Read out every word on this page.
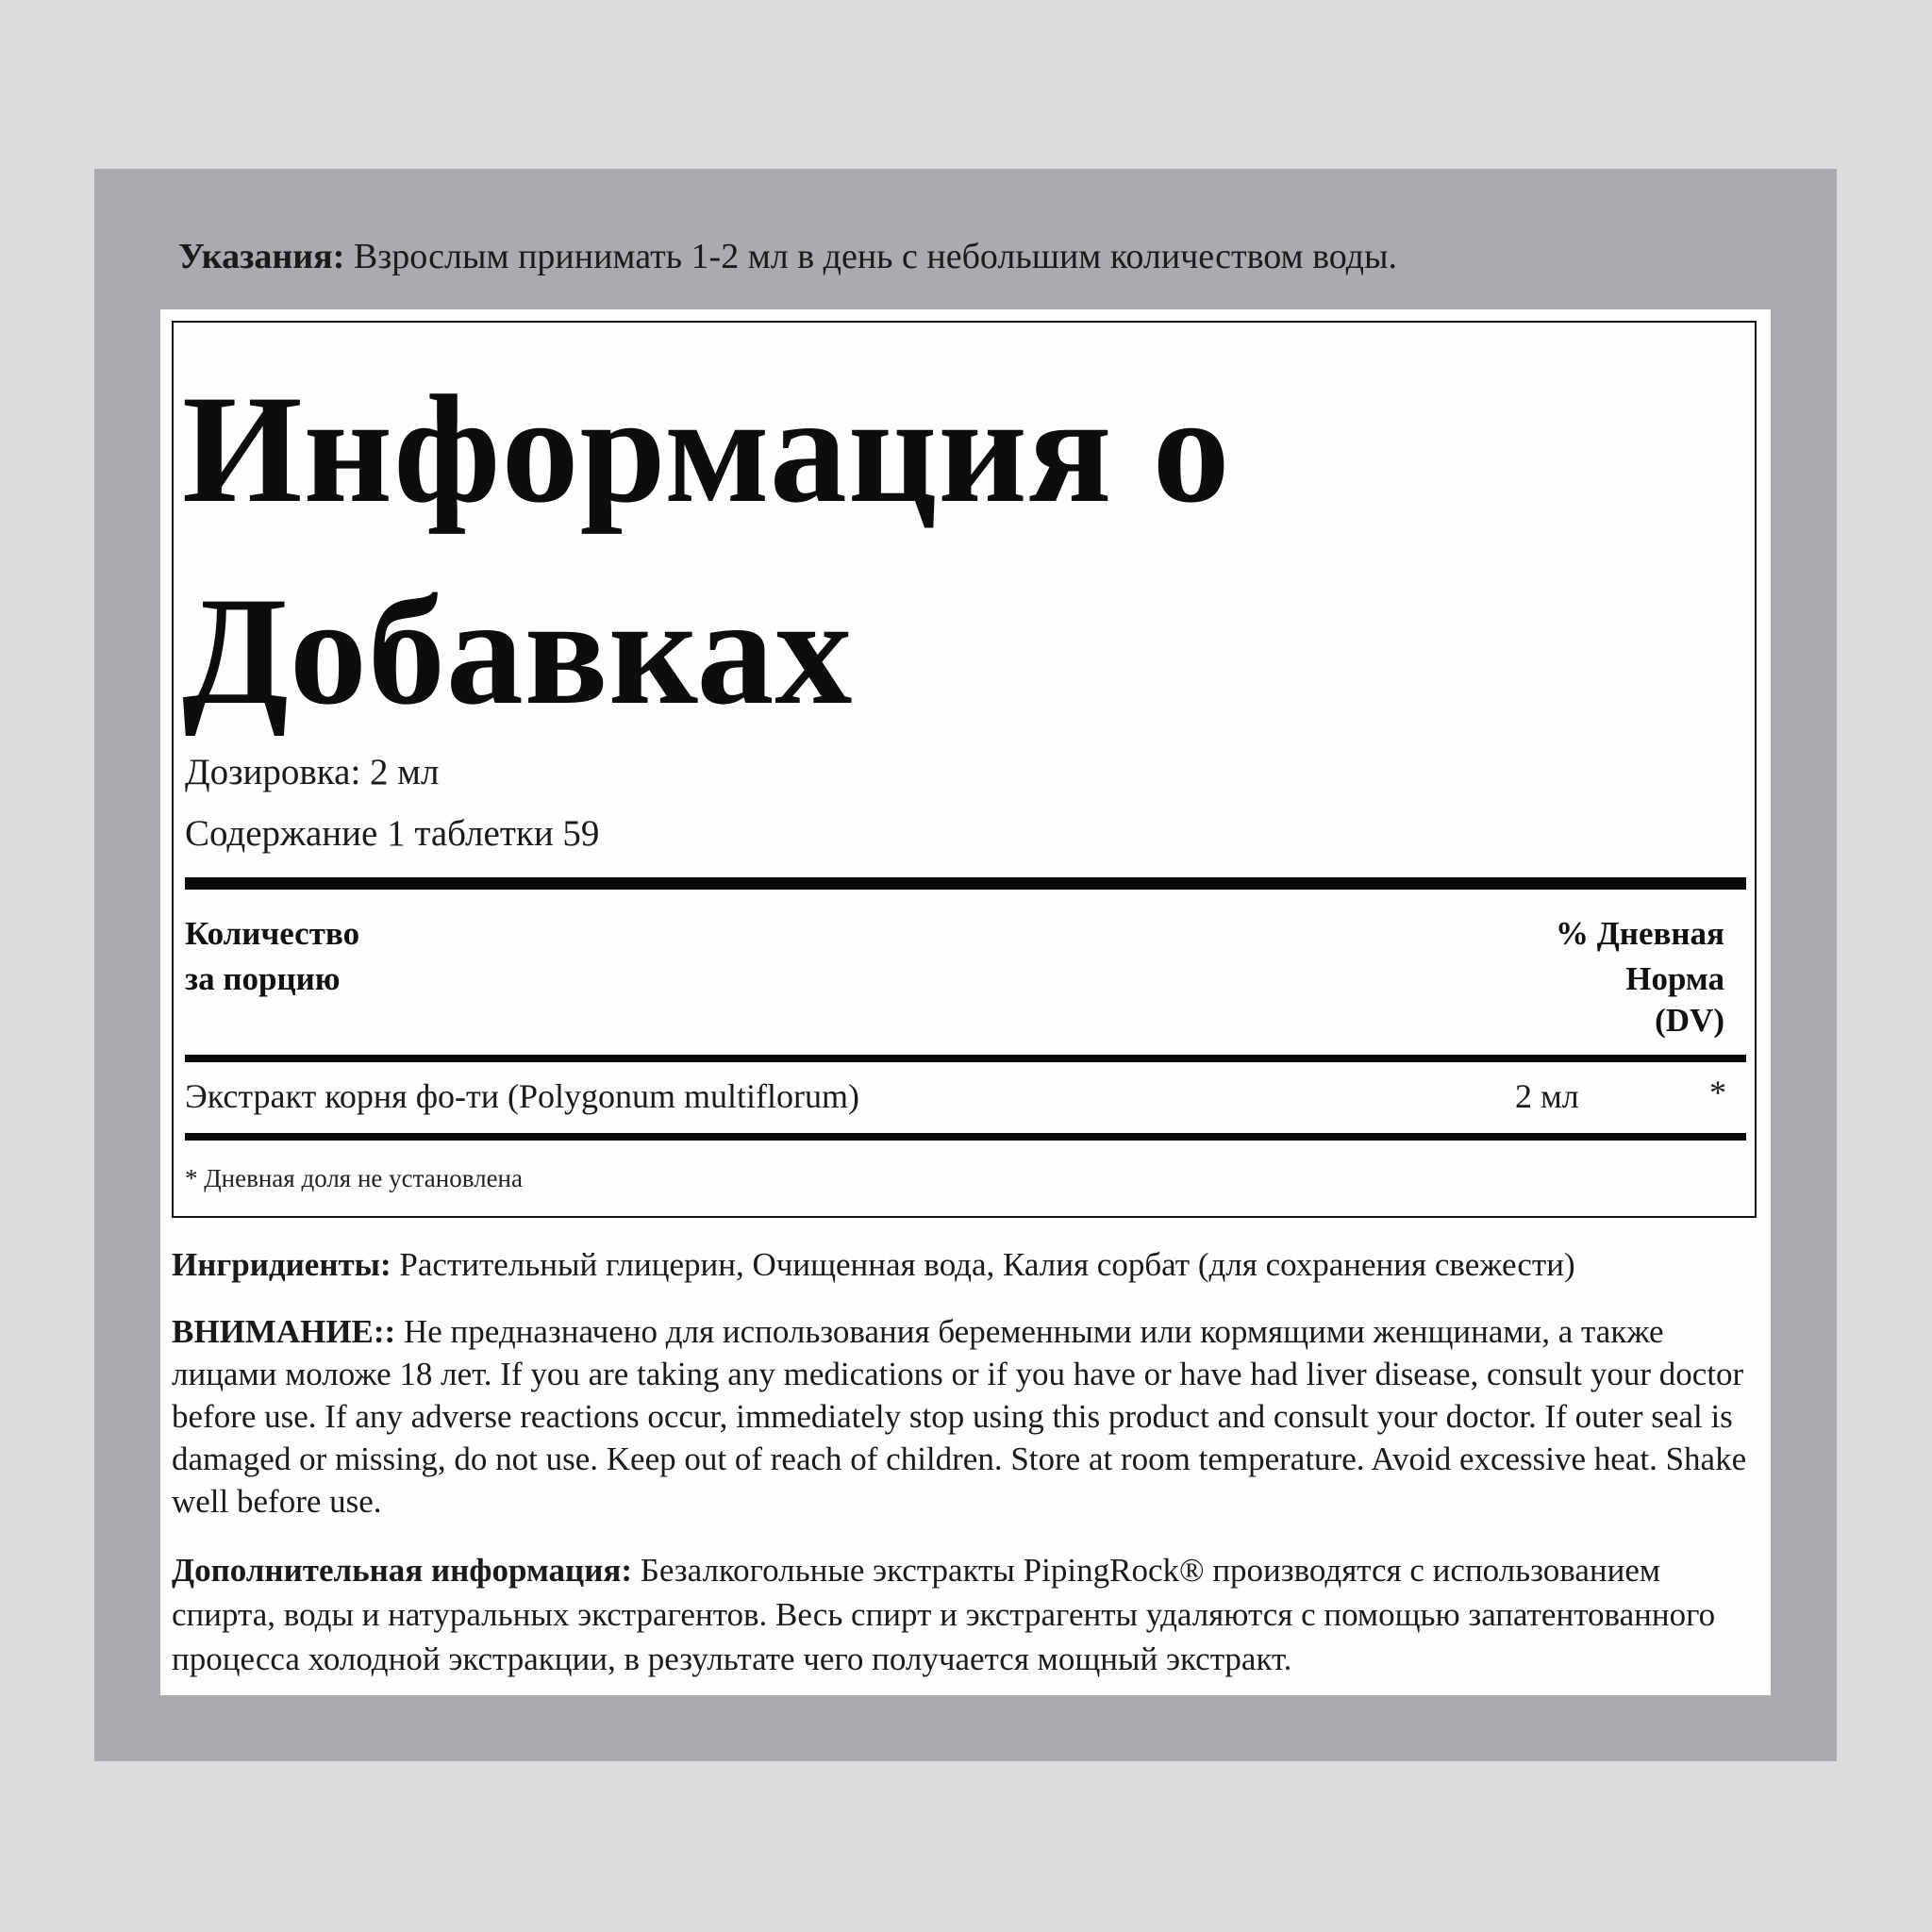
Указания: Взрослым принимать 1-2 мл в день с небольшим количеством воды.
Информация о
Добавках
Дозировка: 2 мл
Содержание 1 таблетки 59
Количество
за порцию
% Дневная
Норма
(DV)
Экстракт корня фо-ти (Polygonum multiflorum)	2 мл	*
* Дневная доля не установлена
Ингридиенты: Растительный глицерин, Очищенная вода, Калия сорбат (для сохранения свежести)
ВНИМАНИЕ:: Не предназначено для использования беременными или кормящими женщинами, а также лицами моложе 18 лет. If you are taking any medications or if you have or have had liver disease, consult your doctor before use. If any adverse reactions occur, immediately stop using this product and consult your doctor. If outer seal is damaged or missing, do not use. Keep out of reach of children. Store at room temperature. Avoid excessive heat. Shake well before use.
Дополнительная информация: Безалкогольные экстракты PipingRock® производятся с использованием спирта, воды и натуральных экстрагентов. Весь спирт и экстрагенты удаляются с помощью запатентованного процесса холодной экстракции, в результате чего получается мощный экстракт.
